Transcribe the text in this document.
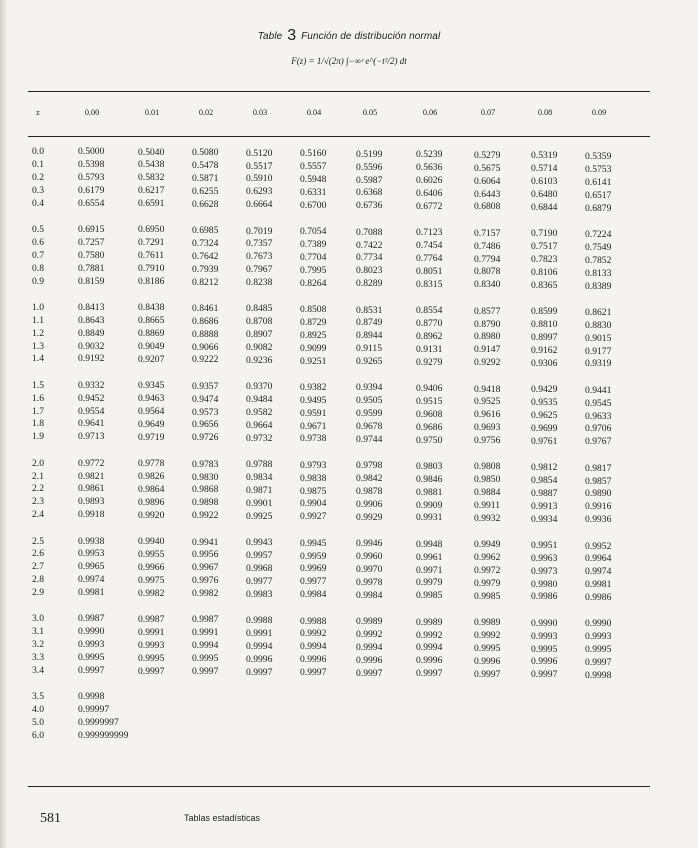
Table 3 Función de distribución normal
F(z) = 1/√(2π) ∫−∞ᶻ e^(−t²/2) dt
z	0.00	0.01	0.02	0.03	0.04	0.05	0.06	0.07	0.08	0.09
0.0	0.5000	0.5040	0.5080	0.5120	0.5160	0.5199	0.5239	0.5279	0.5319	0.5359
0.1	0.5398	0.5438	0.5478	0.5517	0.5557	0.5596	0.5636	0.5675	0.5714	0.5753
0.2	0.5793	0.5832	0.5871	0.5910	0.5948	0.5987	0.6026	0.6064	0.6103	0.6141
0.3	0.6179	0.6217	0.6255	0.6293	0.6331	0.6368	0.6406	0.6443	0.6480	0.6517
0.4	0.6554	0.6591	0.6628	0.6664	0.6700	0.6736	0.6772	0.6808	0.6844	0.6879
0.5	0.6915	0.6950	0.6985	0.7019	0.7054	0.7088	0.7123	0.7157	0.7190	0.7224
0.6	0.7257	0.7291	0.7324	0.7357	0.7389	0.7422	0.7454	0.7486	0.7517	0.7549
0.7	0.7580	0.7611	0.7642	0.7673	0.7704	0.7734	0.7764	0.7794	0.7823	0.7852
0.8	0.7881	0.7910	0.7939	0.7967	0.7995	0.8023	0.8051	0.8078	0.8106	0.8133
0.9	0.8159	0.8186	0.8212	0.8238	0.8264	0.8289	0.8315	0.8340	0.8365	0.8389
1.0	0.8413	0.8438	0.8461	0.8485	0.8508	0.8531	0.8554	0.8577	0.8599	0.8621
1.1	0.8643	0.8665	0.8686	0.8708	0.8729	0.8749	0.8770	0.8790	0.8810	0.8830
1.2	0.8849	0.8869	0.8888	0.8907	0.8925	0.8944	0.8962	0.8980	0.8997	0.9015
1.3	0.9032	0.9049	0.9066	0.9082	0.9099	0.9115	0.9131	0.9147	0.9162	0.9177
1.4	0.9192	0.9207	0.9222	0.9236	0.9251	0.9265	0.9279	0.9292	0.9306	0.9319
1.5	0.9332	0.9345	0.9357	0.9370	0.9382	0.9394	0.9406	0.9418	0.9429	0.9441
1.6	0.9452	0.9463	0.9474	0.9484	0.9495	0.9505	0.9515	0.9525	0.9535	0.9545
1.7	0.9554	0.9564	0.9573	0.9582	0.9591	0.9599	0.9608	0.9616	0.9625	0.9633
1.8	0.9641	0.9649	0.9656	0.9664	0.9671	0.9678	0.9686	0.9693	0.9699	0.9706
1.9	0.9713	0.9719	0.9726	0.9732	0.9738	0.9744	0.9750	0.9756	0.9761	0.9767
2.0	0.9772	0.9778	0.9783	0.9788	0.9793	0.9798	0.9803	0.9808	0.9812	0.9817
2.1	0.9821	0.9826	0.9830	0.9834	0.9838	0.9842	0.9846	0.9850	0.9854	0.9857
2.2	0.9861	0.9864	0.9868	0.9871	0.9875	0.9878	0.9881	0.9884	0.9887	0.9890
2.3	0.9893	0.9896	0.9898	0.9901	0.9904	0.9906	0.9909	0.9911	0.9913	0.9916
2.4	0.9918	0.9920	0.9922	0.9925	0.9927	0.9929	0.9931	0.9932	0.9934	0.9936
2.5	0.9938	0.9940	0.9941	0.9943	0.9945	0.9946	0.9948	0.9949	0.9951	0.9952
2.6	0.9953	0.9955	0.9956	0.9957	0.9959	0.9960	0.9961	0.9962	0.9963	0.9964
2.7	0.9965	0.9966	0.9967	0.9968	0.9969	0.9970	0.9971	0.9972	0.9973	0.9974
2.8	0.9974	0.9975	0.9976	0.9977	0.9977	0.9978	0.9979	0.9979	0.9980	0.9981
2.9	0.9981	0.9982	0.9982	0.9983	0.9984	0.9984	0.9985	0.9985	0.9986	0.9986
3.0	0.9987	0.9987	0.9987	0.9988	0.9988	0.9989	0.9989	0.9989	0.9990	0.9990
3.1	0.9990	0.9991	0.9991	0.9991	0.9992	0.9992	0.9992	0.9992	0.9993	0.9993
3.2	0.9993	0.9993	0.9994	0.9994	0.9994	0.9994	0.9994	0.9995	0.9995	0.9995
3.3	0.9995	0.9995	0.9995	0.9996	0.9996	0.9996	0.9996	0.9996	0.9996	0.9997
3.4	0.9997	0.9997	0.9997	0.9997	0.9997	0.9997	0.9997	0.9997	0.9997	0.9998
3.5	0.9998
4.0	0.99997
5.0	0.9999997
6.0	0.999999999
581	Tablas estadísticas
